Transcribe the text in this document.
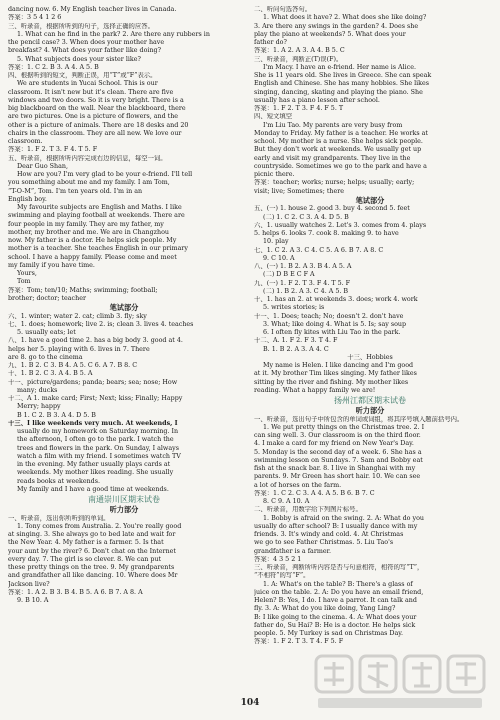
dancing now. 6. My English teacher lives in Canada.
答案：3 5 4 1 2 6
三、听录音，根据所听到的句子，选择正确的应答。
1. What can he find in the park? 2. Are there any rubbers in
the pencil case? 3. When does your mother have
breakfast? 4. What does your father like doing?
5. What subjects does your sister like?
答案：1. C 2. B 3. A 4. A 5. B
四、根据听到的短文，判断正误，用“T”或“F”表示。
We are students in Yucai School. This is our
classroom. It isn't new but it's clean. There are five
windows and two doors. So it is very bright. There is a
big blackboard on the wall. Near the blackboard, there
are two pictures. One is a picture of flowers, and the
other is a picture of animals. There are 18 desks and 20
chairs in the classroom. They are all new. We love our
classroom.
答案：1. F 2. T 3. F 4. T 5. F
五、听录音，根据所听内容完成右边的信息，每空一词。
Dear Guo Shan,
How are you? I'm very glad to be your e-friend. I'll tell
you something about me and my family. I am Tom,
“T-O-M”, Tom. I'm ten years old. I'm in an
English boy.
My favourite subjects are English and Maths. I like
swimming and playing football at weekends. There are
four people in my family. They are my father, my
mother, my brother and me. We are in Changzhou
now. My father is a doctor. He helps sick people. My
mother is a teacher. She teaches English in our primary
school. I have a happy family. Please come and meet
my family if you have time.
Yours,
Tom
答案：Tom; ten/10; Maths; swimming; football;
brother; doctor; teacher
笔试部分
六、1. winter; water 2. cat; climb 3. fly; sky
七、1. does; homework; live 2. is; clean 3. lives 4. teaches
5. usually eats; let
八、1. have a good time 2. has a big body 3. good at 4.
helps her 5. playing with 6. lives in 7. There
are 8. go to the cinema
九、1. B 2. C 3. B 4. A 5. C 6. A 7. B 8. C
十、1. B 2. C 3. A 4. B 5. A
十一、picture/gardens; panda; bears; sea; nose; How
many; ducks
十二、A 1. make card; First; Next; kiss; Finally; Happy
Merry; happy
B 1. C 2. B 3. A 4. D 5. B
十三、I like weekends very much. At weekends, I
usually do my homework on Saturday morning. In
the afternoon, I often go to the park. I watch the
trees and flowers in the park. On Sunday, I always
watch a film with my friend. I sometimes watch TV
in the evening. My father usually plays cards at
weekends. My mother likes reading. She usually
reads books at weekends.
My family and I have a good time at weekends.
南通崇川区期末试卷
听力部分
一、听录音，选出你所听到的单词。
1. Tony comes from Australia. 2. You're really good
at singing. 3. She always go to bed late and wait for
the New Year. 4. My father is a farmer. 5. Is that
your aunt by the river? 6. Don't chat on the Internet
every day. 7. The girl is so clever. 8. We can put
these pretty things on the tree. 9. My grandparents
and grandfather all like dancing. 10. Where does Mr
Jackson live?
答案：1. A 2. B 3. B 4. B 5. A 6. B 7. A 8. A
9. B 10. A
二、听问句选答句。
1. What does it have? 2. What does she like doing?
3. Are there any swings in the garden? 4. Does she
play the piano at weekends? 5. What does your
father do?
答案：1. A 2. A 3. A 4. B 5. C
三、听录音，判断正(T)误(F)。
I'm Macy. I have an e-friend. Her name is Alice.
She is 11 years old. She lives in Greece. She can speak
English and Chinese. She has many hobbies. She likes
singing, dancing, skating and playing the piano. She
usually has a piano lesson after school.
答案：1. F 2. T 3. F 4. F 5. T
四、短文填空
I'm Liu Tao. My parents are very busy from
Monday to Friday. My father is a teacher. He works at
school. My mother is a nurse. She helps sick people.
But they don't work at weekends. We usually get up
early and visit my grandparents. They live in the
countryside. Sometimes we go to the park and have a
picnic there.
答案：teacher; works; nurse; helps; usually; early;
visit; live; Sometimes; there
笔试部分
五、(一) 1. house 2. good 3. buy 4. second 5. feet
(二) 1. C 2. C 3. A 4. D 5. B
六、1. usually watches 2. Let's 3. comes from 4. plays
5. helps 6. looks 7. cook 8. making 9. to have
10. play
七、1. C 2. A 3. C 4. C 5. A 6. B 7. A 8. C
9. C 10. A
八、(一) 1. B 2. A 3. B 4. A 5. A
(二) D B E C F A
九、(一) 1. F 2. T 3. F 4. T 5. F
(二) 1. B 2. A 3. C 4. A 5. B
十、1. has an 2. at weekends 3. does; work 4. work
5. writes stories; is
十一、1. Does; teach; No; doesn't 2. don't have
3. What; like doing 4. What is 5. Is; say soup
6. I often fly kites with Liu Tao in the park.
十二、A. 1. F 2. F 3. T 4. F
B. 1. B 2. A 3. A 4. C
十三、Hobbies
My name is Helen. I like dancing and I'm good
at it. My brother Tim likes singing. My father likes
sitting by the river and fishing. My mother likes
reading. What a happy family we are!
扬州江都区期末试卷
听力部分
一、听录音，选出句子中所包含的单词或词组，将其序号填入题前括号内。
1. We put pretty things on the Christmas tree. 2. I
can sing well. 3. Our classroom is on the third floor.
4. I make a card for my friend on New Year's Day.
5. Monday is the second day of a week. 6. She has a
swimming lesson on Sundays. 7. Sam and Bobby eat
fish at the snack bar. 8. I live in Shanghai with my
parents. 9. Mr Green has short hair. 10. We can see
a lot of horses on the farm.
答案：1. C 2. C 3. A 4. A 5. B 6. B 7. C
8. C 9. A 10. A
二、听录音，用数字给下列图片标号。
1. Bobby is afraid on the swing. 2. A: What do you
usually do after school? B: I usually dance with my
friends. 3. It's windy and cold. 4. At Christmas
we go to see Father Christmas. 5. Liu Tao's
grandfather is a farmer.
答案：4 3 5 2 1
三、听录音，判断所听内容是否与句意相符，相符的写“T”，
“不相符”的写“F”。
1. A: What's on the table? B: There's a glass of
juice on the table. 2. A: Do you have an email friend,
Helen? B: Yes, I do. I have a parrot. It can talk and
fly. 3. A: What do you like doing, Yang Ling?
B: I like going to the cinema. 4. A: What does your
father do, Su Hai? B: He is a doctor. He helps sick
people. 5. My Turkey is sad on Christmas Day.
答案：1. F 2. T 3. T 4. F 5. F
104
